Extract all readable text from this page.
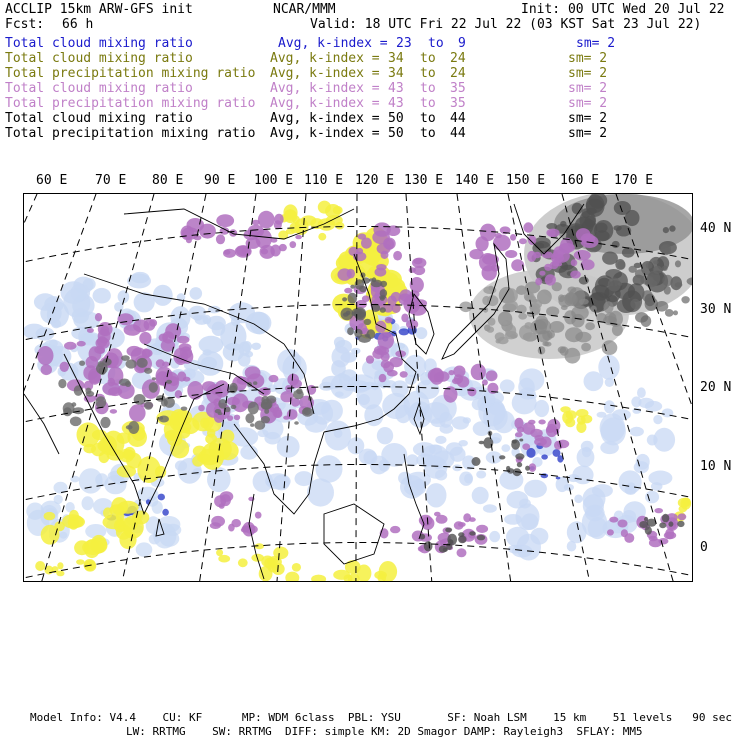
ACCLIP 15km ARW-GFS init	NCAR/MMM	Init: 00 UTC Wed 20 Jul 22
Fcst: 66 h	Valid: 18 UTC Fri 22 Jul 22 (03 KST Sat 23 Jul 22)
Total cloud mixing ratio	Avg, k-index = 23 to 9	sm= 2
Total cloud mixing ratio	Avg, k-index = 34 to 24	sm= 2
Total precipitation mixing ratio Avg, k-index = 34 to 24	sm= 2
Total cloud mixing ratio	Avg, k-index = 43 to 35	sm= 2
Total precipitation mixing ratio Avg, k-index = 43 to 35	sm= 2
Total cloud mixing ratio	Avg, k-index = 50 to 44	sm= 2
Total precipitation mixing ratio Avg, k-index = 50 to 44	sm= 2
60 E 70 E 80 E 90 E 100 E 110 E 120 E 130 E 140 E 150 E 160 E 170 E
40 N
30 N
20 N
10 N
0
Model Info: V4.4    CU: KF      MP: WDM 6class  PBL: YSU       SF: Noah LSM    15 km    51 levels   90 sec
LW: RRTMG    SW: RRTMG  DIFF: simple KM: 2D Smagor DAMP: Rayleigh3  SFLAY: MM5
